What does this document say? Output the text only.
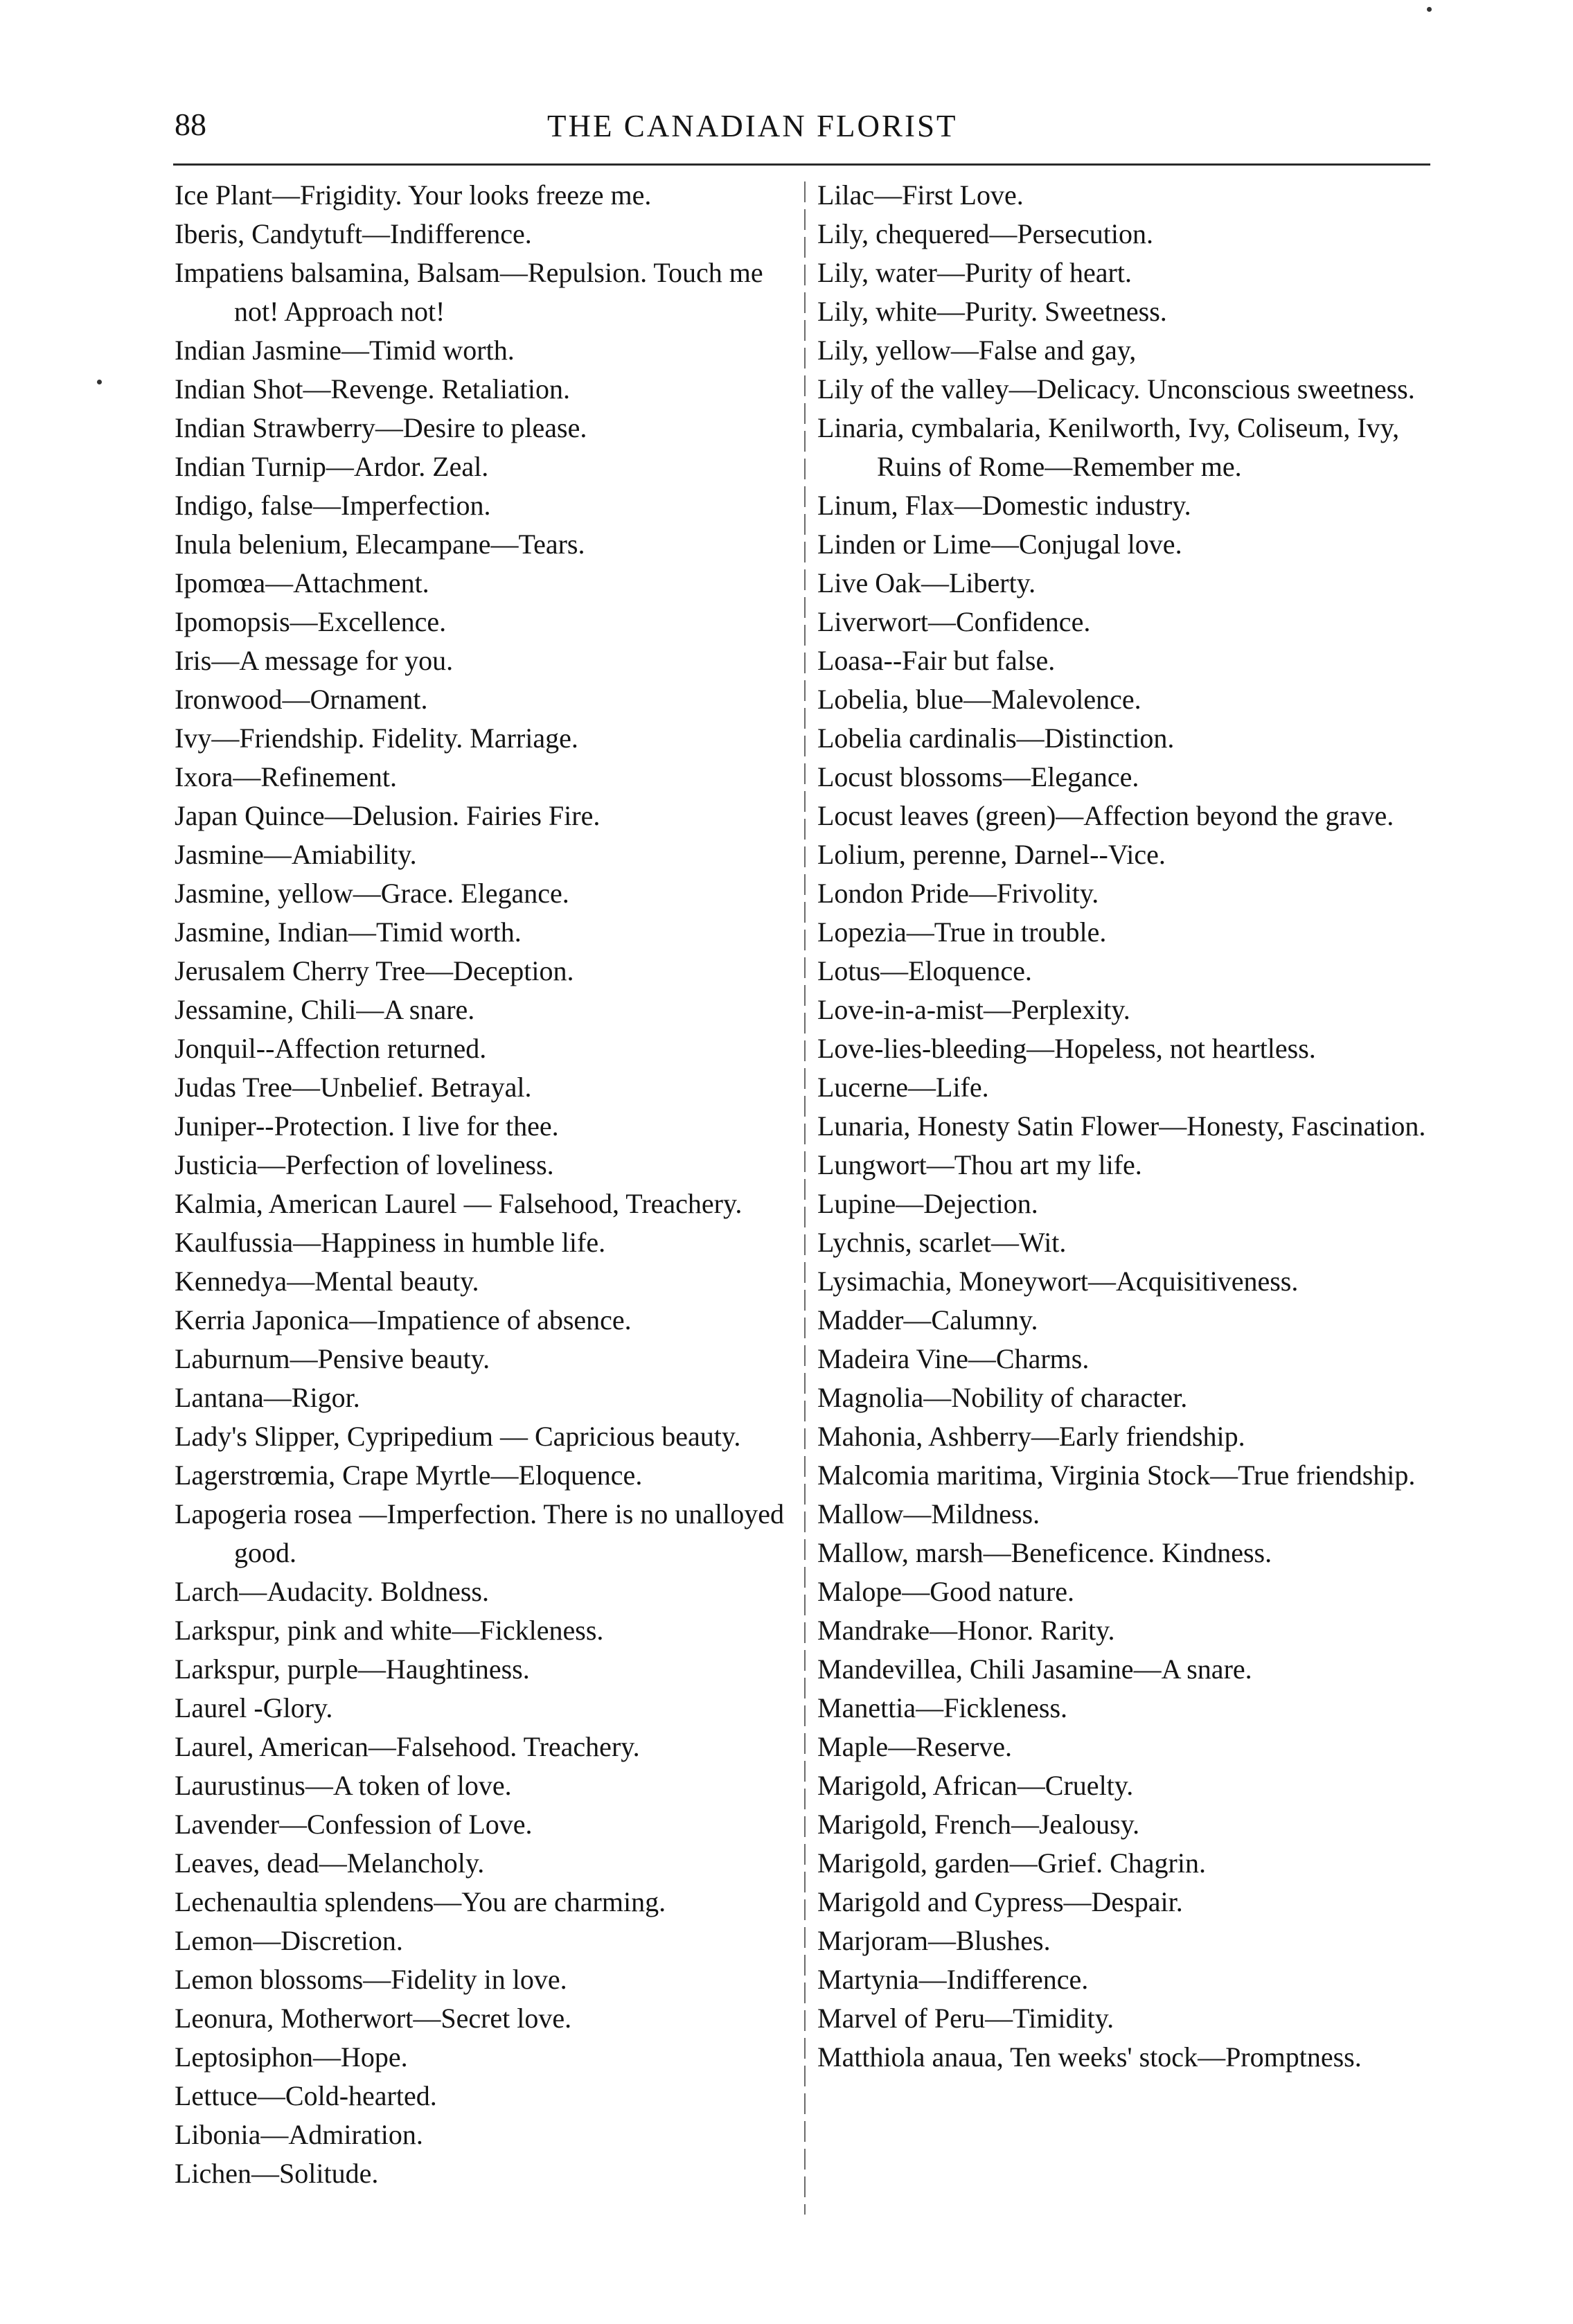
88	THE CANADIAN FLORIST
Ice Plant—Frigidity. Your looks freeze me.
Iberis, Candytuft—Indifference.
Impatiens balsamina, Balsam—Repulsion. Touch me not! Approach not!
Indian Jasmine—Timid worth.
Indian Shot—Revenge. Retaliation.
Indian Strawberry—Desire to please.
Indian Turnip—Ardor. Zeal.
Indigo, false—Imperfection.
Inula belenium, Elecampane—Tears.
Ipomœa—Attachment.
Ipomopsis—Excellence.
Iris—A message for you.
Ironwood—Ornament.
Ivy—Friendship. Fidelity. Marriage.
Ixora—Refinement.
Japan Quince—Delusion. Fairies Fire.
Jasmine—Amiability.
Jasmine, yellow—Grace. Elegance.
Jasmine, Indian—Timid worth.
Jerusalem Cherry Tree—Deception.
Jessamine, Chili—A snare.
Jonquil--Affection returned.
Judas Tree—Unbelief. Betrayal.
Juniper--Protection. I live for thee.
Justicia—Perfection of loveliness.
Kalmia, American Laurel — Falsehood, Treachery.
Kaulfussia—Happiness in humble life.
Kennedya—Mental beauty.
Kerria Japonica—Impatience of absence.
Laburnum—Pensive beauty.
Lantana—Rigor.
Lady's Slipper, Cypripedium — Capricious beauty.
Lagerstrœmia, Crape Myrtle—Eloquence.
Lapogeria rosea —Imperfection. There is no unalloyed good.
Larch—Audacity. Boldness.
Larkspur, pink and white—Fickleness.
Larkspur, purple—Haughtiness.
Laurel -Glory.
Laurel, American—Falsehood. Treachery.
Laurustinus—A token of love.
Lavender—Confession of Love.
Leaves, dead—Melancholy.
Lechenaultia splendens—You are charming.
Lemon—Discretion.
Lemon blossoms—Fidelity in love.
Leonura, Motherwort—Secret love.
Leptosiphon—Hope.
Lettuce—Cold-hearted.
Libonia—Admiration.
Lichen—Solitude.
Lilac—First Love.
Lily, chequered—Persecution.
Lily, water—Purity of heart.
Lily, white—Purity. Sweetness.
Lily, yellow—False and gay,
Lily of the valley—Delicacy. Unconscious sweetness.
Linaria, cymbalaria, Kenilworth, Ivy, Coliseum, Ivy, Ruins of Rome—Remember me.
Linum, Flax—Domestic industry.
Linden or Lime—Conjugal love.
Live Oak—Liberty.
Liverwort—Confidence.
Loasa--Fair but false.
Lobelia, blue—Malevolence.
Lobelia cardinalis—Distinction.
Locust blossoms—Elegance.
Locust leaves (green)—Affection beyond the grave.
Lolium, perenne, Darnel--Vice.
London Pride—Frivolity.
Lopezia—True in trouble.
Lotus—Eloquence.
Love-in-a-mist—Perplexity.
Love-lies-bleeding—Hopeless, not heartless.
Lucerne—Life.
Lunaria, Honesty Satin Flower—Honesty, Fascination.
Lungwort—Thou art my life.
Lupine—Dejection.
Lychnis, scarlet—Wit.
Lysimachia, Moneywort—Acquisitiveness.
Madder—Calumny.
Madeira Vine—Charms.
Magnolia—Nobility of character.
Mahonia, Ashberry—Early friendship.
Malcomia maritima, Virginia Stock—True friendship.
Mallow—Mildness.
Mallow, marsh—Beneficence. Kindness.
Malope—Good nature.
Mandrake—Honor. Rarity.
Mandevillea, Chili Jasamine—A snare.
Manettia—Fickleness.
Maple—Reserve.
Marigold, African—Cruelty.
Marigold, French—Jealousy.
Marigold, garden—Grief. Chagrin.
Marigold and Cypress—Despair.
Marjoram—Blushes.
Martynia—Indifference.
Marvel of Peru—Timidity.
Matthiola anaua, Ten weeks' stock—Promptness.
